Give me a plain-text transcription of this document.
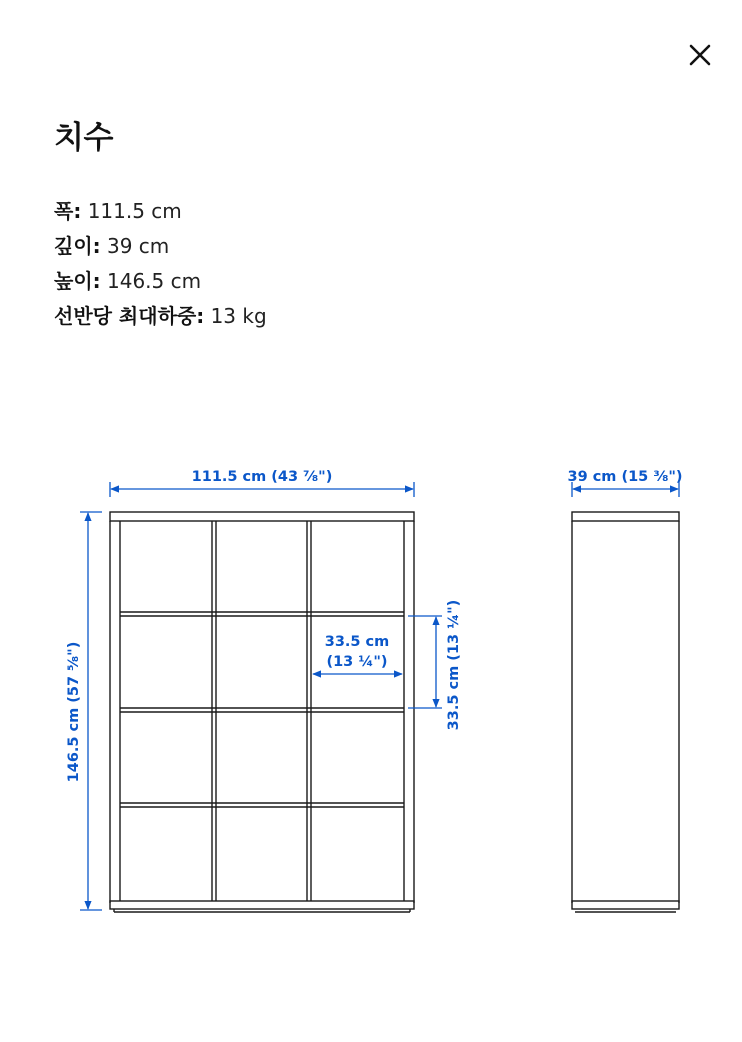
치수
폭: 111.5 cm
깊이: 39 cm
높이: 146.5 cm
선반당 최대하중: 13 kg
111.5 cm (43 ⅞")	39 cm (15 ⅜")
146.5 cm (57 ⅝")	33.5 cm
(13 ¼")	33.5 cm (13 ¼")
